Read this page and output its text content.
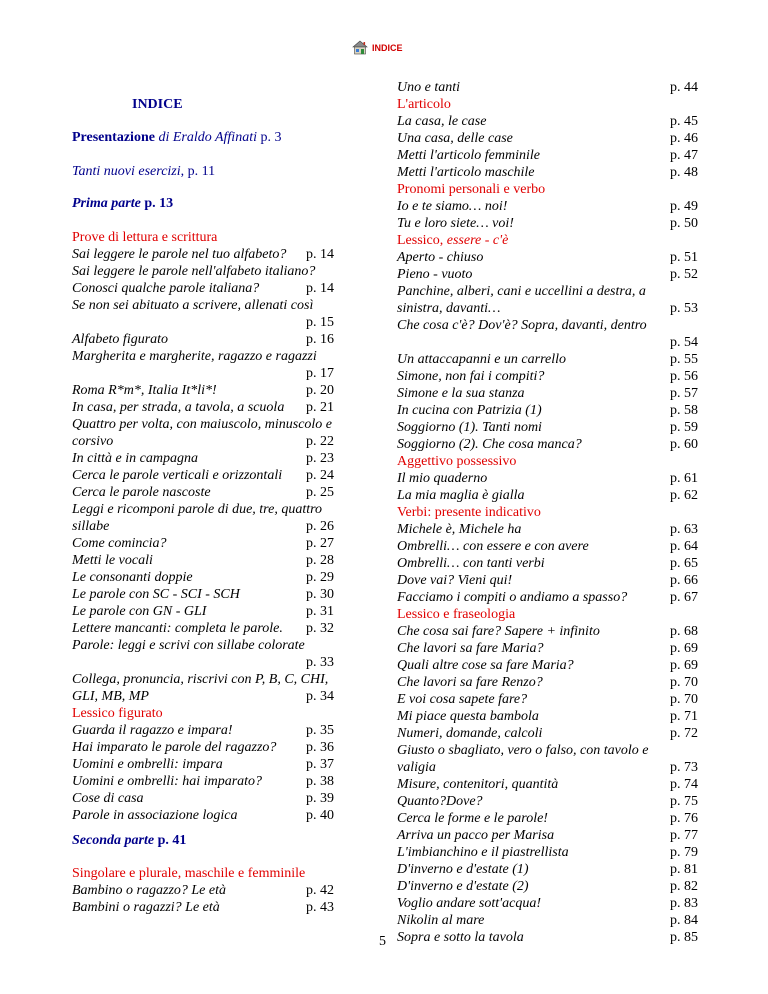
INDICE
INDICE
Presentazione di Eraldo Affinati p. 3
Tanti nuovi esercizi, p. 11
Prima parte p. 13
Prove di lettura e scrittura
Sai leggere le parole nel tuo alfabeto? p. 14
Sai leggere le parole nell'alfabeto italiano?
Conosci qualche parole italiana?	p. 14
Se non sei abituato a scrivere, allenati così
p. 15
Alfabeto figurato	p. 16
Margherita e margherite, ragazzo e ragazzi
p. 17
Roma R*m*, Italia It*li*!	p. 20
In casa, per strada, a tavola, a scuola p. 21
Quattro per volta, con maiuscolo, minuscolo e
corsivo	p. 22
In città e in campagna	p. 23
Cerca le parole verticali e orizzontali p. 24
Cerca le parole nascoste	p. 25
Leggi e ricomponi parole di due, tre, quattro
sillabe	p. 26
Come comincia?	p. 27
Metti le vocali	p. 28
Le consonanti doppie	p. 29
Le parole con SC - SCI - SCH	p. 30
Le parole con GN - GLI	p. 31
Lettere mancanti: completa le parole. p. 32
Parole: leggi e scrivi con sillabe colorate
p. 33
Collega, pronuncia, riscrivi con P, B, C, CHI,
GLI, MB, MP	p. 34
Lessico figurato
Guarda il ragazzo e impara!	p. 35
Hai imparato le parole del ragazzo? p. 36
Uomini e ombrelli: impara	p. 37
Uomini e ombrelli: hai imparato?	p. 38
Cose di casa	p. 39
Parole in associazione logica	p. 40
Seconda parte p. 41
Singolare e plurale, maschile e femminile
Bambino o ragazzo? Le età	p. 42
Bambini o ragazzi? Le età	p. 43
Uno e tanti	p. 44
L'articolo
La casa, le case	p. 45
Una casa, delle case	p. 46
Metti l'articolo femminile	p. 47
Metti l'articolo maschile	p. 48
Pronomi personali e verbo
Io e te siamo… noi!	p. 49
Tu e loro siete… voi!	p. 50
Lessico, essere - c'è
Aperto - chiuso	p. 51
Pieno - vuoto	p. 52
Panchine, alberi, cani e uccellini a destra, a
sinistra, davanti…	p. 53
Che cosa c'è? Dov'è? Sopra, davanti, dentro
p. 54
Un attaccapanni e un carrello	p. 55
Simone, non fai i compiti?	p. 56
Simone e la sua stanza	p. 57
In cucina con Patrizia (1)	p. 58
Soggiorno (1). Tanti nomi	p. 59
Soggiorno (2). Che cosa manca?	p. 60
Aggettivo possessivo
Il mio quaderno	p. 61
La mia maglia è gialla	p. 62
Verbi: presente indicativo
Michele è, Michele ha	p. 63
Ombrelli… con essere e con avere	p. 64
Ombrelli… con tanti verbi	p. 65
Dove vai? Vieni qui!	p. 66
Facciamo i compiti o andiamo a spasso?	p. 67
Lessico e fraseologia
Che cosa sai fare? Sapere + infinito	p. 68
Che lavori sa fare Maria?	p. 69
Quali altre cose sa fare Maria?	p. 69
Che lavori sa fare Renzo?	p. 70
E voi cosa sapete fare?	p. 70
Mi piace questa bambola	p. 71
Numeri, domande, calcoli	p. 72
Giusto o sbagliato, vero o falso, con tavolo e
valigia	p. 73
Misure, contenitori, quantità	p. 74
Quanto?Dove?	p. 75
Cerca le forme e le parole!	p. 76
Arriva un pacco per Marisa	p. 77
L'imbianchino e il piastrellista	p. 79
D'inverno e d'estate (1)	p. 81
D'inverno e d'estate (2)	p. 82
Voglio andare sott'acqua!	p. 83
Nikolin al mare	p. 84
Sopra e sotto la tavola	p. 85
5
